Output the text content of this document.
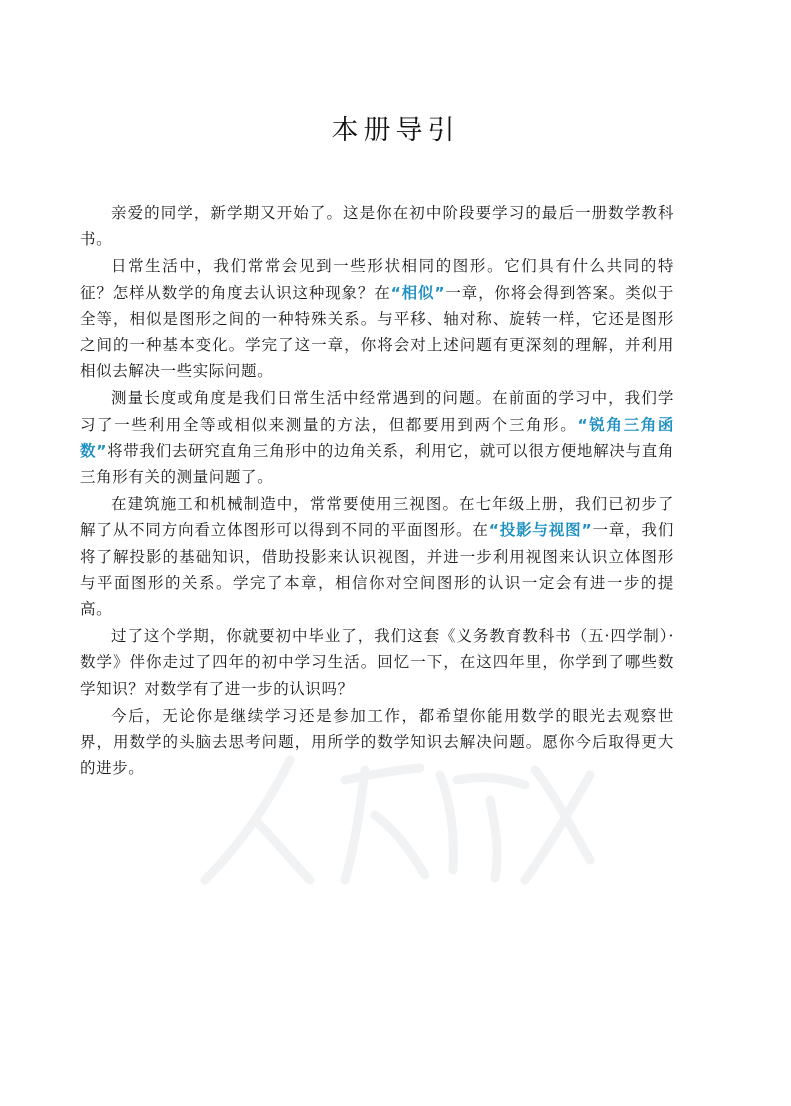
本册导引

亲爱的同学，新学期又开始了。这是你在初中阶段要学习的最后一册数学教科书。

日常生活中，我们常常会见到一些形状相同的图形。它们具有什么共同的特征？怎样从数学的角度去认识这种现象？在“相似”一章，你将会得到答案。类似于全等，相似是图形之间的一种特殊关系。与平移、轴对称、旋转一样，它还是图形之间的一种基本变化。学完了这一章，你将会对上述问题有更深刻的理解，并利用相似去解决一些实际问题。

测量长度或角度是我们日常生活中经常遇到的问题。在前面的学习中，我们学习了一些利用全等或相似来测量的方法，但都要用到两个三角形。“锐角三角函数”将带我们去研究直角三角形中的边角关系，利用它，就可以很方便地解决与直角三角形有关的测量问题了。

在建筑施工和机械制造中，常常要使用三视图。在七年级上册，我们已初步了解了从不同方向看立体图形可以得到不同的平面图形。在“投影与视图”一章，我们将了解投影的基础知识，借助投影来认识视图，并进一步利用视图来认识立体图形与平面图形的关系。学完了本章，相信你对空间图形的认识一定会有进一步的提高。

过了这个学期，你就要初中毕业了，我们这套《义务教育教科书（五·四学制）·数学》伴你走过了四年的初中学习生活。回忆一下，在这四年里，你学到了哪些数学知识？对数学有了进一步的认识吗？

今后，无论你是继续学习还是参加工作，都希望你能用数学的眼光去观察世界，用数学的头脑去思考问题，用所学的数学知识去解决问题。愿你今后取得更大的进步。
